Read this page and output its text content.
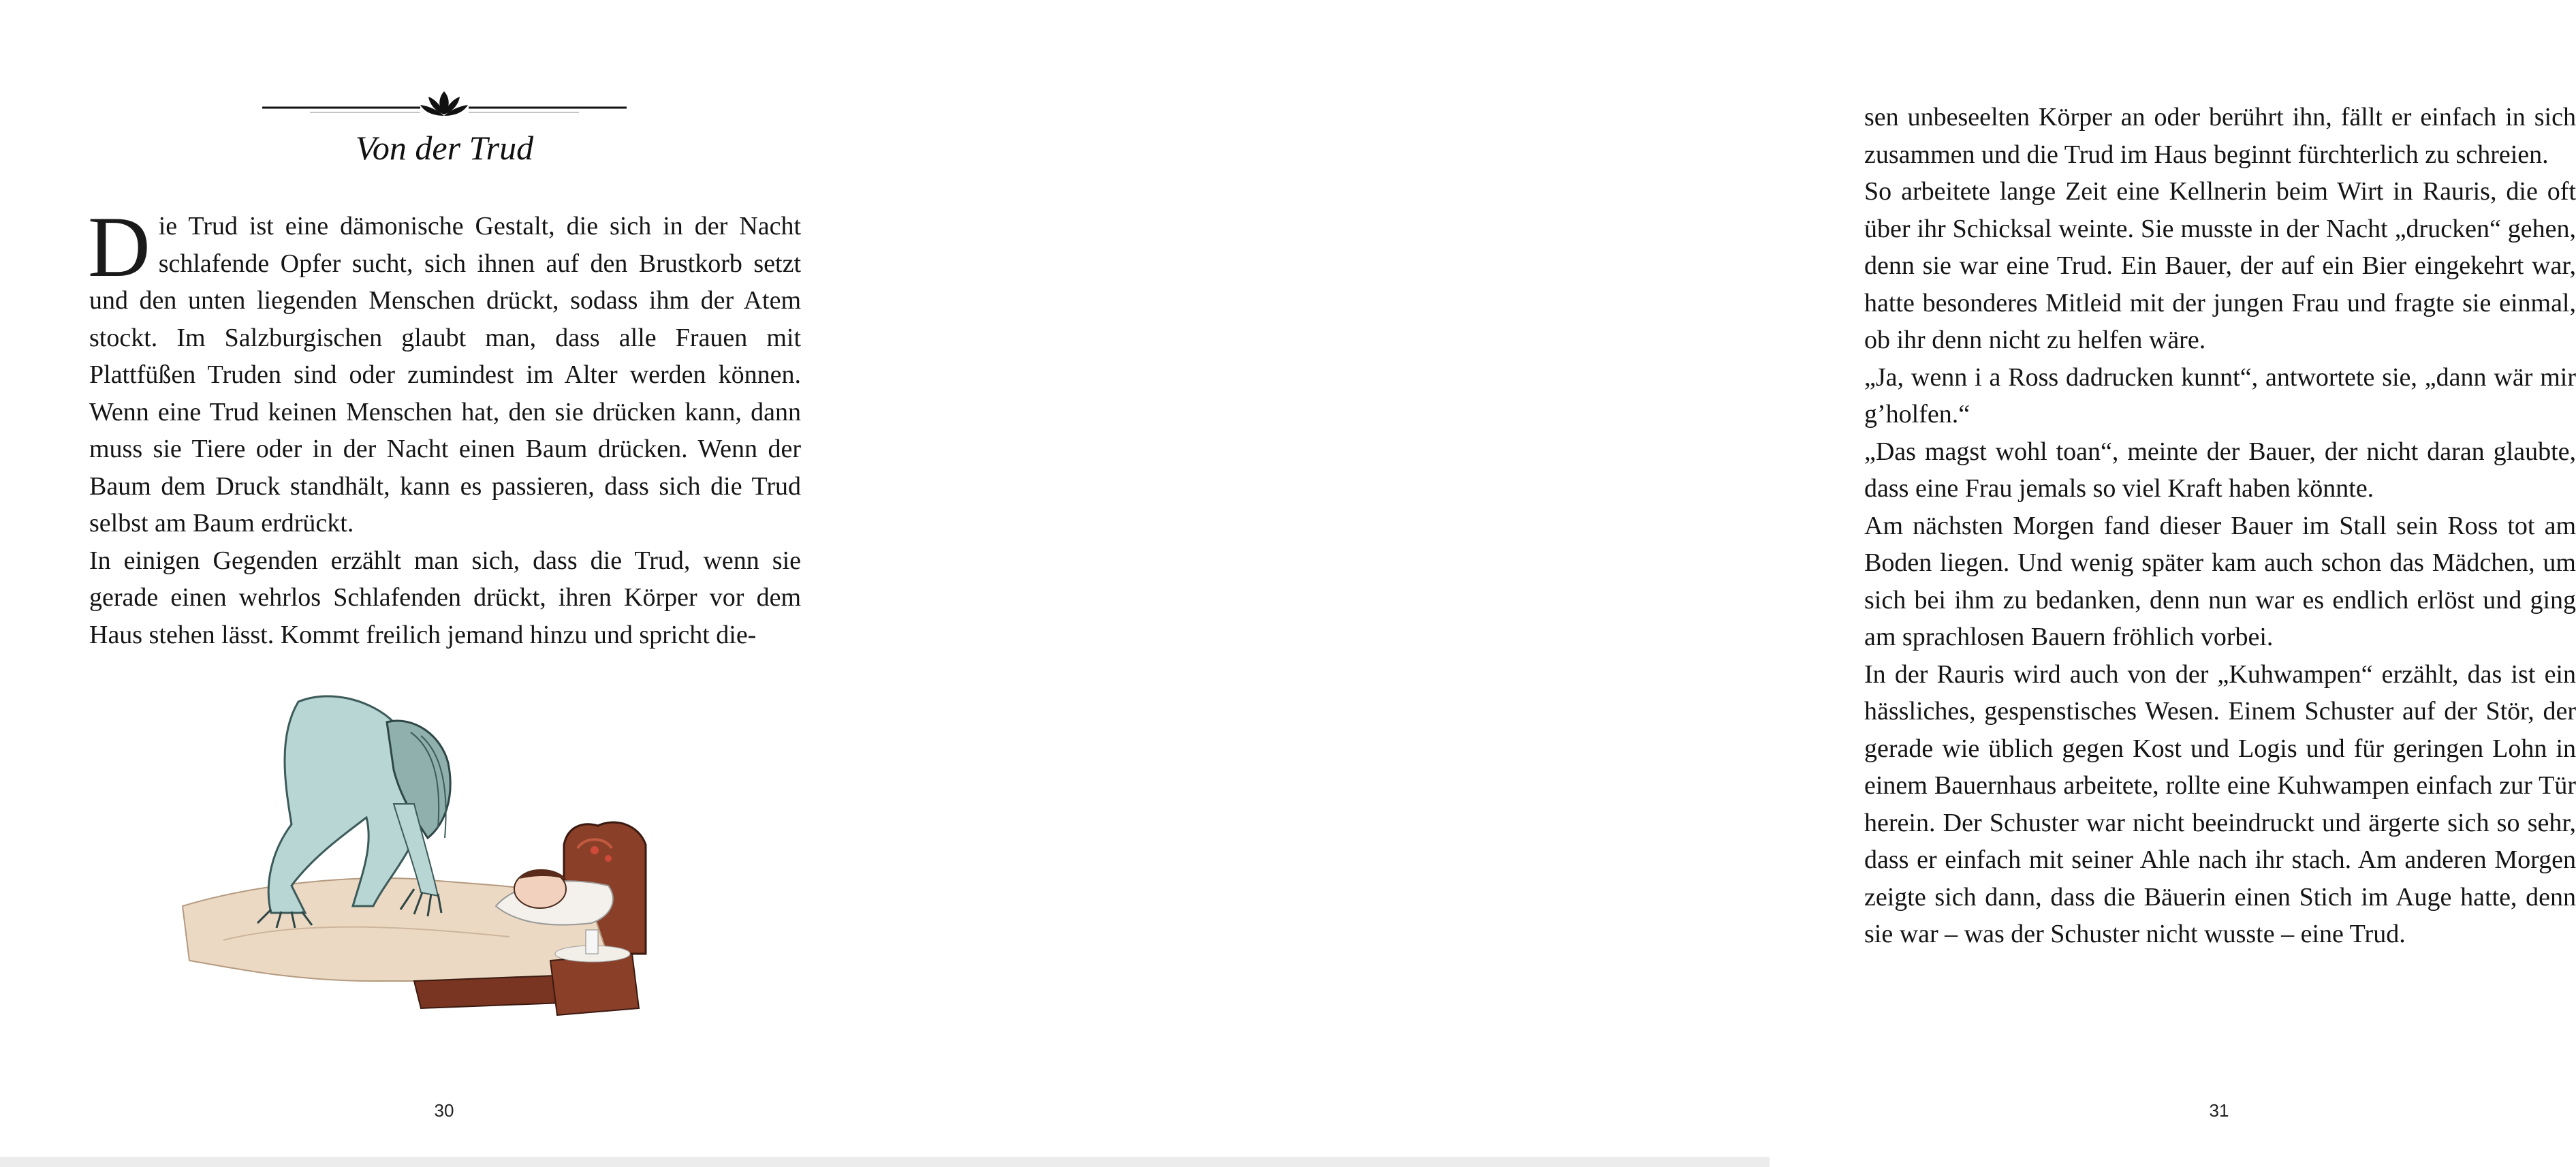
Von der Trud

Die Trud ist eine dämonische Gestalt, die sich in der Nacht schlafende Opfer sucht, sich ihnen auf den Brustkorb setzt und den unten liegenden Menschen drückt, sodass ihm der Atem stockt. Im Salzburgischen glaubt man, dass alle Frauen mit Plattfüßen Truden sind oder zumindest im Alter werden können. Wenn eine Trud keinen Menschen hat, den sie drücken kann, dann muss sie Tiere oder in der Nacht einen Baum drücken. Wenn der Baum dem Druck standhält, kann es passieren, dass sich die Trud selbst am Baum erdrückt.

In einigen Gegenden erzählt man sich, dass die Trud, wenn sie gerade einen wehrlos Schlafenden drückt, ihren Körper vor dem Haus stehen lässt. Kommt freilich jemand hinzu und spricht die-

30

sen unbeseelten Körper an oder berührt ihn, fällt er einfach in sich zusammen und die Trud im Haus beginnt fürchterlich zu schreien.

So arbeitete lange Zeit eine Kellnerin beim Wirt in Rauris, die oft über ihr Schicksal weinte. Sie musste in der Nacht „drucken“ gehen, denn sie war eine Trud. Ein Bauer, der auf ein Bier eingekehrt war, hatte besonderes Mitleid mit der jungen Frau und fragte sie einmal, ob ihr denn nicht zu helfen wäre.

„Ja, wenn i a Ross dadrucken kunnt“, antwortete sie, „dann wär mir g’holfen.“

„Das magst wohl toan“, meinte der Bauer, der nicht daran glaubte, dass eine Frau jemals so viel Kraft haben könnte.

Am nächsten Morgen fand dieser Bauer im Stall sein Ross tot am Boden liegen. Und wenig später kam auch schon das Mädchen, um sich bei ihm zu bedanken, denn nun war es endlich erlöst und ging am sprachlosen Bauern fröhlich vorbei.

In der Rauris wird auch von der „Kuhwampen“ erzählt, das ist ein hässliches, gespenstisches Wesen. Einem Schuster auf der Stör, der gerade wie üblich gegen Kost und Logis und für geringen Lohn in einem Bauernhaus arbeitete, rollte eine Kuhwampen einfach zur Tür herein. Der Schuster war nicht beeindruckt und ärgerte sich so sehr, dass er einfach mit seiner Ahle nach ihr stach. Am anderen Morgen zeigte sich dann, dass die Bäuerin einen Stich im Auge hatte, denn sie war – was der Schuster nicht wusste – eine Trud.

31
